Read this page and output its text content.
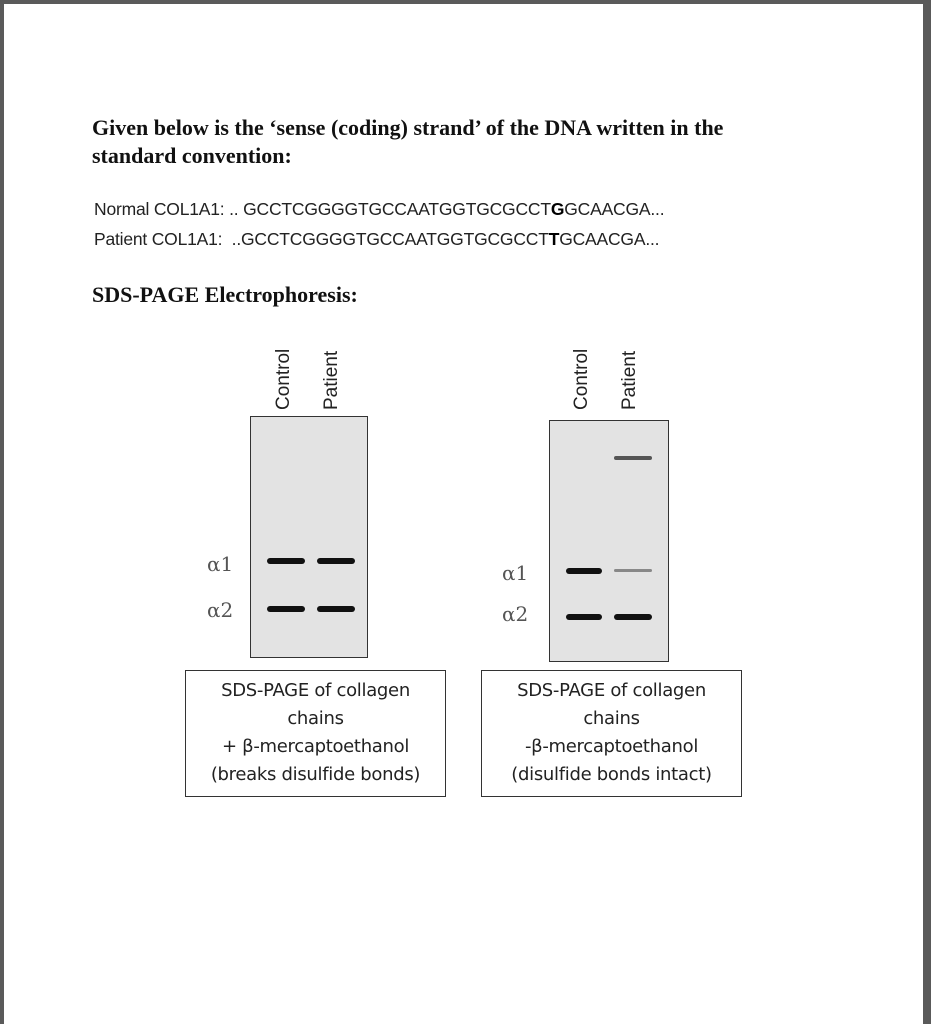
Given below is the ‘sense (coding) strand’ of the DNA written in the
standard convention:
Normal COL1A1: .. GCCTCGGGGTGCCAATGGTGCGCCTGGCAACGA...
Patient COL1A1:  ..GCCTCGGGGTGCCAATGGTGCGCCTTGCAACGA...
SDS-PAGE Electrophoresis:
Control Patient
α1
α2
SDS-PAGE of collagen
chains
+ β-mercaptoethanol
(breaks disulfide bonds)
Control Patient
α1
α2
SDS-PAGE of collagen
chains
-β-mercaptoethanol
(disulfide bonds intact)
